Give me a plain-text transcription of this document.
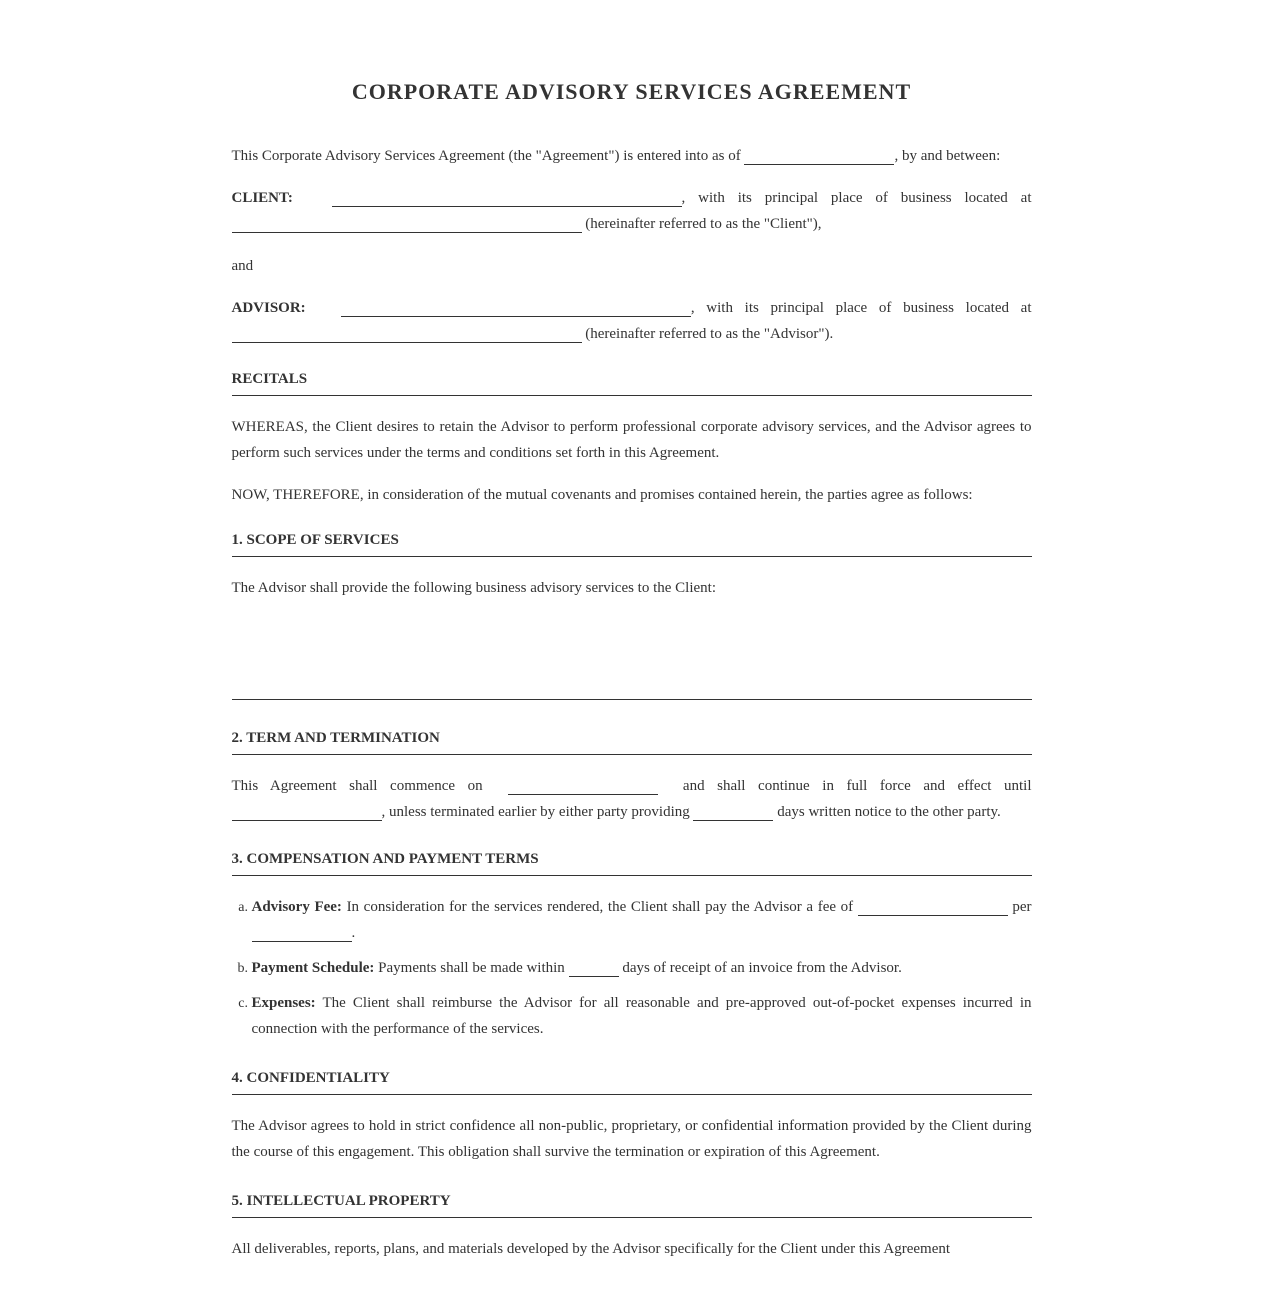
CORPORATE ADVISORY SERVICES AGREEMENT

This Corporate Advisory Services Agreement (the "Agreement") is entered into as of	, by and between:

CLIENT:	, with its principal place of business located at  (hereinafter referred to as the "Client"),

and

ADVISOR:	, with its principal place of business located at  (hereinafter referred to as the "Advisor").

RECITALS

WHEREAS, the Client desires to retain the Advisor to perform professional corporate advisory services, and the Advisor agrees to perform such services under the terms and conditions set forth in this Agreement.

NOW, THEREFORE, in consideration of the mutual covenants and promises contained herein, the parties agree as follows:

1. SCOPE OF SERVICES

The Advisor shall provide the following business advisory services to the Client:

2. TERM AND TERMINATION

This Agreement shall commence on	and shall continue in full force and effect until , unless terminated earlier by either party providing	days written notice to the other party.

3. COMPENSATION AND PAYMENT TERMS
a. Advisory Fee: In consideration for the services rendered, the Client shall pay the Advisor a fee of	per .
b. Payment Schedule: Payments shall be made within	days of receipt of an invoice from the Advisor.
c. Expenses: The Client shall reimburse the Advisor for all reasonable and pre-approved out-of-pocket expenses incurred in connection with the performance of the services.
4. CONFIDENTIALITY

The Advisor agrees to hold in strict confidence all non-public, proprietary, or confidential information provided by the Client during the course of this engagement. This obligation shall survive the termination or expiration of this Agreement.

5. INTELLECTUAL PROPERTY

All deliverables, reports, plans, and materials developed by the Advisor specifically for the Client under this Agreement
